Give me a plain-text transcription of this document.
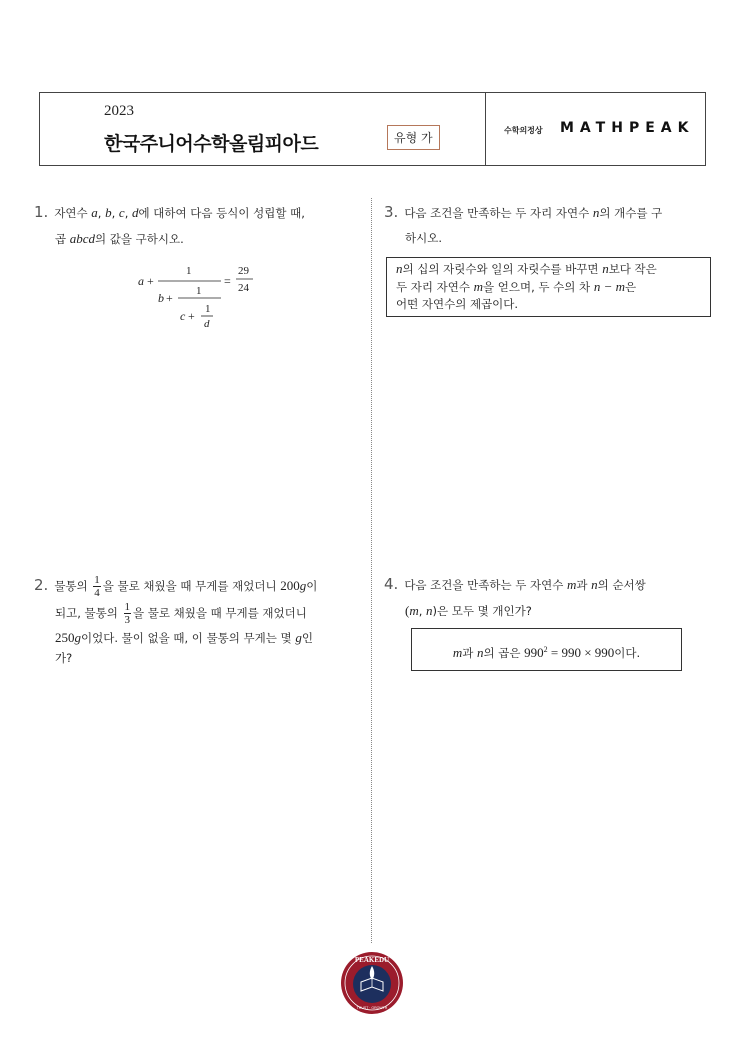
2023
한국주니어수학올림피아드	유형 가
수학의정상 MATHPEAK
1. 자연수 a, b, c, d에 대하여 다음 등식이 성립할 때,
곱 abcd의 값을 구하시오.
a +
1
=
29
24
b + 1
c + 1
d
3. 다음 조건을 만족하는 두 자리 자연수 n의 개수를 구
하시오.
n의 십의 자릿수와 일의 자릿수를 바꾸면 n보다 작은
두 자리 자연수 m을 얻으며, 두 수의 차 n − m은
어떤 자연수의 제곱이다.
2. 물통의 $\frac{1}{4}$ 을 물로 채웠을 때 무게를 재었더니 200g이
되고, 물통의 $\frac{1}{3}$ 을 물로 채웠을 때 무게를 재었더니
250g이었다. 물이 없을 때, 이 물통의 무게는 몇 g인
가?
4. 다음 조건을 만족하는 두 자연수 m과 n의 순서쌍
(m, n)은 모두 몇 개인가?
m과 n의 곱은 $990^2 = 990 \times 990$이다.
PEAKEDU
TRUST · GROWTH
